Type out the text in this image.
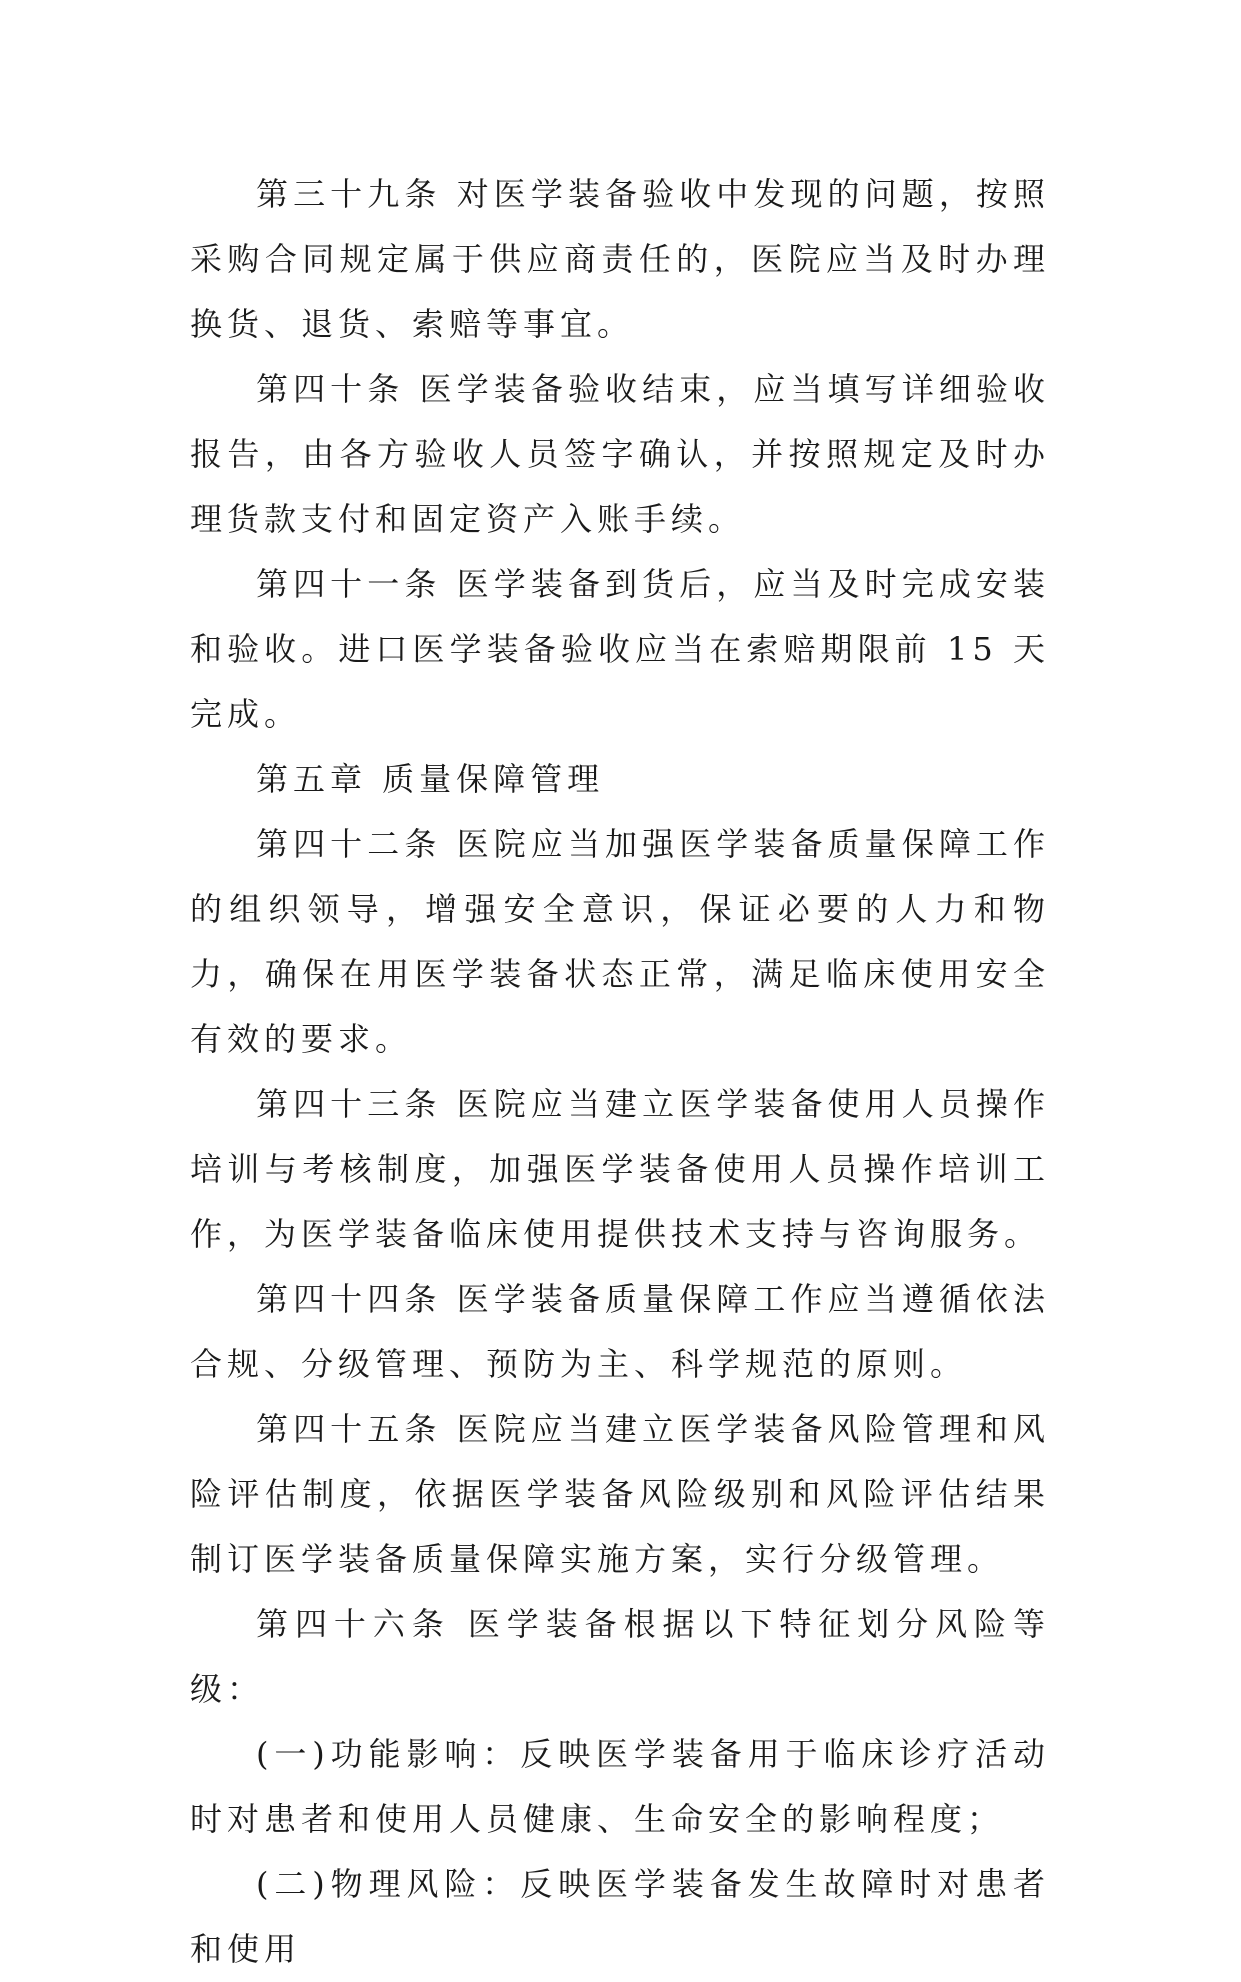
第三十九条 对医学装备验收中发现的问题，按照采购合同规定属于供应商责任的，医院应当及时办理换货、退货、索赔等事宜。

第四十条 医学装备验收结束，应当填写详细验收报告，由各方验收人员签字确认，并按照规定及时办理货款支付和固定资产入账手续。

第四十一条 医学装备到货后，应当及时完成安装和验收。进口医学装备验收应当在索赔期限前 15 天完成。

第五章 质量保障管理

第四十二条 医院应当加强医学装备质量保障工作的组织领导，增强安全意识，保证必要的人力和物力，确保在用医学装备状态正常，满足临床使用安全有效的要求。

第四十三条 医院应当建立医学装备使用人员操作培训与考核制度，加强医学装备使用人员操作培训工作，为医学装备临床使用提供技术支持与咨询服务。

第四十四条 医学装备质量保障工作应当遵循依法合规、分级管理、预防为主、科学规范的原则。

第四十五条 医院应当建立医学装备风险管理和风险评估制度，依据医学装备风险级别和风险评估结果制订医学装备质量保障实施方案，实行分级管理。

第四十六条 医学装备根据以下特征划分风险等级：

(一)功能影响：反映医学装备用于临床诊疗活动时对患者和使用人员健康、生命安全的影响程度；

(二)物理风险：反映医学装备发生故障时对患者和使用
